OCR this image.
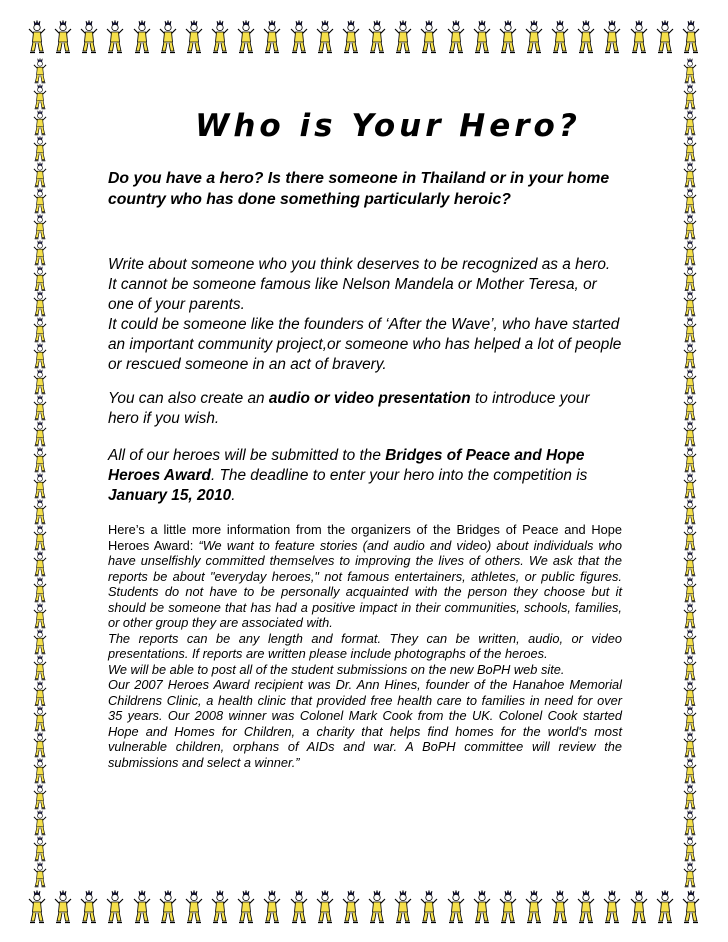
Who is Your Hero?

Do you have a hero? Is there someone in Thailand or in your home country who has done something particularly heroic?

Write about someone who you think deserves to be recognized as a hero. It cannot be someone famous like Nelson Mandela or Mother Teresa, or one of your parents.
It could be someone like the founders of ‘After the Wave’, who have started an important community project,or someone who has helped a lot of people or rescued someone in an act of bravery.

You can also create an audio or video presentation to introduce your hero if you wish.

All of our heroes will be submitted to the Bridges of Peace and Hope Heroes Award. The deadline to enter your hero into the competition is January 15, 2010.

Here’s a little more information from the organizers of the Bridges of Peace and Hope Heroes Award: “We want to feature stories (and audio and video) about individuals who have unselfishly committed themselves to improving the lives of others. We ask that the reports be about "everyday heroes," not famous entertainers, athletes, or public figures. Students do not have to be personally acquainted with the person they choose but it should be someone that has had a positive impact in their communities, schools, families, or other group they are associated with.
The reports can be any length and format. They can be written, audio, or video presentations. If reports are written please include photographs of the heroes.
We will be able to post all of the student submissions on the new BoPH web site.
Our 2007 Heroes Award recipient was Dr. Ann Hines, founder of the Hanahoe Memorial Childrens Clinic, a health clinic that provided free health care to families in need for over 35 years. Our 2008 winner was Colonel Mark Cook from the UK. Colonel Cook started Hope and Homes for Children, a charity that helps find homes for the world's most vulnerable children, orphans of AIDs and war. A BoPH committee will review the submissions and select a winner.”
